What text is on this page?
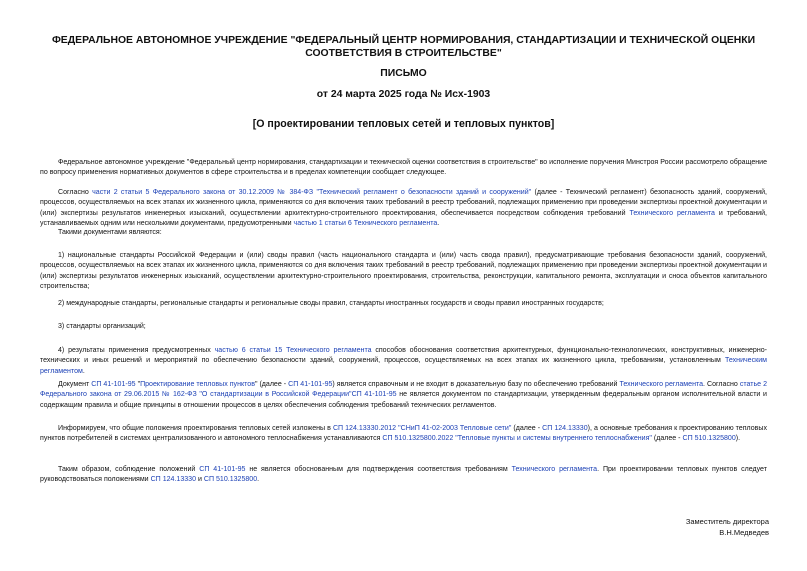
ФЕДЕРАЛЬНОЕ АВТОНОМНОЕ УЧРЕЖДЕНИЕ "ФЕДЕРАЛЬНЫЙ ЦЕНТР НОРМИРОВАНИЯ, СТАНДАРТИЗАЦИИ И ТЕХНИЧЕСКОЙ ОЦЕНКИ СООТВЕТСТВИЯ В СТРОИТЕЛЬСТВЕ"
ПИСЬМО
от 24 марта 2025 года № Исх-1903
[О проектировании тепловых сетей и тепловых пунктов]

Федеральное автономное учреждение "Федеральный центр нормирования, стандартизации и технической оценки соответствия в строительстве" во исполнение поручения Минстроя России рассмотрело обращение по вопросу применения нормативных документов в сфере строительства и в пределах компетенции сообщает следующее.

Согласно части 2 статьи 5 Федерального закона от 30.12.2009 № 384-ФЗ "Технический регламент о безопасности зданий и сооружений" (далее - Технический регламент) безопасность зданий, сооружений, процессов, осуществляемых на всех этапах их жизненного цикла, применяются со дня включения таких требований в реестр требований, подлежащих применению при проведении экспертизы проектной документации и (или) экспертизы результатов инженерных изысканий, осуществлении архитектурно-строительного проектирования, обеспечивается посредством соблюдения требований Технического регламента и требований, устанавливаемых одним или несколькими документами, предусмотренными частью 1 статьи 6 Технического регламента.

Такими документами являются:

1) национальные стандарты Российской Федерации и (или) своды правил (часть национального стандарта и (или) часть свода правил), предусматривающие требования безопасности зданий, сооружений, процессов, осуществляемых на всех этапах их жизненного цикла, применяются со дня включения таких требований в реестр требований, подлежащих применению при проведении экспертизы проектной документации и (или) экспертизы результатов инженерных изысканий, осуществлении архитектурно-строительного проектирования, строительства, реконструкции, капитального ремонта, эксплуатации и сноса объектов капитального строительства;

2) международные стандарты, региональные стандарты и региональные своды правил, стандарты иностранных государств и своды правил иностранных государств;

3) стандарты организаций;

4) результаты применения предусмотренных частью 6 статьи 15 Технического регламента способов обоснования соответствия архитектурных, функционально-технологических, конструктивных, инженерно-технических и иных решений и мероприятий по обеспечению безопасности зданий, сооружений, процессов, осуществляемых на всех этапах их жизненного цикла, требованиям, установленным Техническим регламентом.

Документ СП 41-101-95 "Проектирование тепловых пунктов" (далее - СП 41-101-95) является справочным и не входит в доказательную базу по обеспечению требований Технического регламента. Согласно статье 2 Федерального закона от 29.06.2015 № 162-ФЗ "О стандартизации в Российской Федерации"СП 41-101-95 не является документом по стандартизации, утвержденным федеральным органом исполнительной власти и содержащим правила и общие принципы в отношении процессов в целях обеспечения соблюдения требований технических регламентов.

Информируем, что общие положения проектирования тепловых сетей изложены в СП 124.13330.2012 "СНиП 41-02-2003 Тепловые сети" (далее - СП 124.13330), а основные требования к проектированию тепловых пунктов потребителей в системах централизованного и автономного теплоснабжения устанавливаются СП 510.1325800.2022 "Тепловые пункты и системы внутреннего теплоснабжения" (далее - СП 510.1325800).

Таким образом, соблюдение положений СП 41-101-95 не является обоснованным для подтверждения соответствия требованиям Технического регламента. При проектировании тепловых пунктов следует руководствоваться положениями СП 124.13330 и СП 510.1325800.

Заместитель директора
В.Н.Медведев
